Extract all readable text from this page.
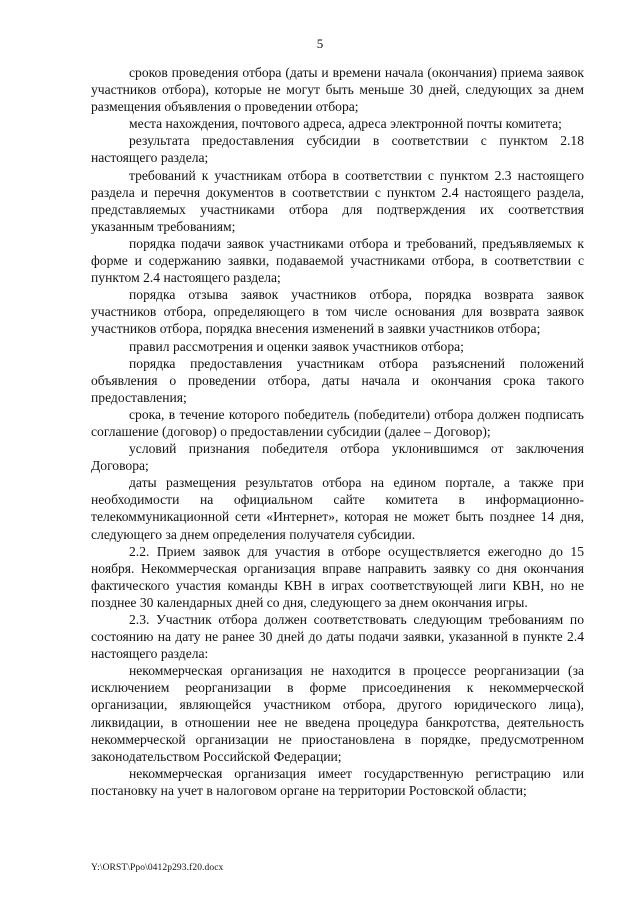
5

сроков проведения отбора (даты и времени начала (окончания) приема заявок участников отбора), которые не могут быть меньше 30 дней, следующих за днем размещения объявления о проведении отбора;

места нахождения, почтового адреса, адреса электронной почты комитета;

результата предоставления субсидии в соответствии с пунктом 2.18 настоящего раздела;

требований к участникам отбора в соответствии с пунктом 2.3 настоящего раздела и перечня документов в соответствии с пунктом 2.4 настоящего раздела, представляемых участниками отбора для подтверждения их соответствия указанным требованиям;

порядка подачи заявок участниками отбора и требований, предъявляемых к форме и содержанию заявки, подаваемой участниками отбора, в соответствии с пунктом 2.4 настоящего раздела;

порядка отзыва заявок участников отбора, порядка возврата заявок участников отбора, определяющего в том числе основания для возврата заявок участников отбора, порядка внесения изменений в заявки участников отбора;

правил рассмотрения и оценки заявок участников отбора;

порядка предоставления участникам отбора разъяснений положений объявления о проведении отбора, даты начала и окончания срока такого предоставления;

срока, в течение которого победитель (победители) отбора должен подписать соглашение (договор) о предоставлении субсидии (далее – Договор);

условий признания победителя отбора уклонившимся от заключения Договора;

даты размещения результатов отбора на едином портале, а также при необходимости на официальном сайте комитета в информационно-телекоммуникационной сети «Интернет», которая не может быть позднее 14 дня, следующего за днем определения получателя субсидии.

2.2. Прием заявок для участия в отборе осуществляется ежегодно до 15 ноября. Некоммерческая организация вправе направить заявку со дня окончания фактического участия команды КВН в играх соответствующей лиги КВН, но не позднее 30 календарных дней со дня, следующего за днем окончания игры.

2.3. Участник отбора должен соответствовать следующим требованиям по состоянию на дату не ранее 30 дней до даты подачи заявки, указанной в пункте 2.4 настоящего раздела:

некоммерческая организация не находится в процессе реорганизации (за исключением реорганизации в форме присоединения к некоммерческой организации, являющейся участником отбора, другого юридического лица), ликвидации, в отношении нее не введена процедура банкротства, деятельность некоммерческой организации не приостановлена в порядке, предусмотренном законодательством Российской Федерации;

некоммерческая организация имеет государственную регистрацию или постановку на учет в налоговом органе на территории Ростовской области;

Y:\ORST\Ppo\0412p293.f20.docx
